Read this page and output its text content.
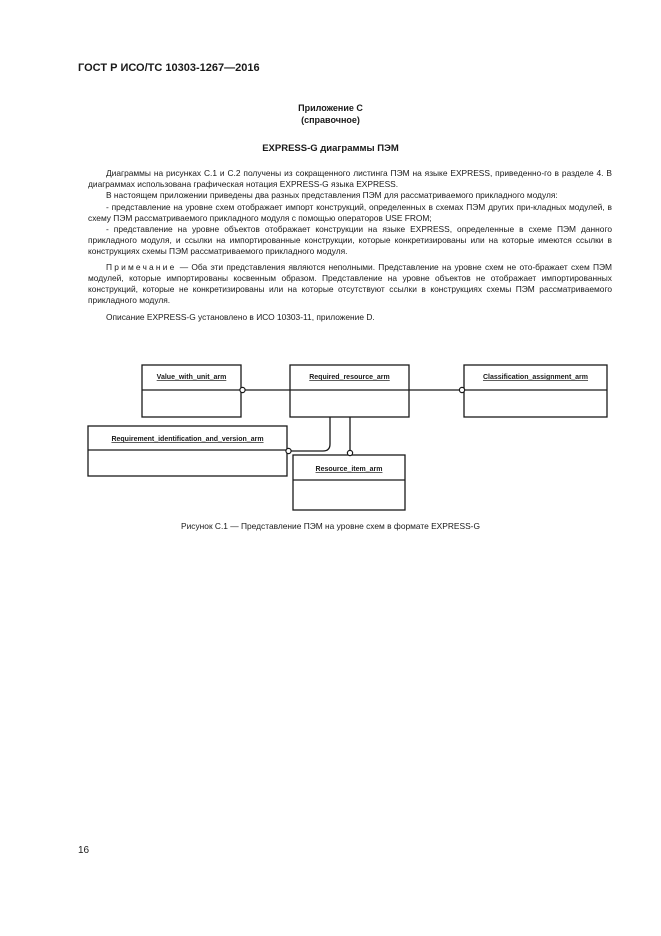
ГОСТ Р ИСО/ТС 10303-1267—2016
Приложение С
(справочное)
EXPRESS-G диаграммы ПЭМ

Диаграммы на рисунках С.1 и С.2 получены из сокращенного листинга ПЭМ на языке EXPRESS, приведенно-го в разделе 4. В диаграммах использована графическая нотация EXPRESS-G языка EXPRESS.

В настоящем приложении приведены два разных представления ПЭМ для рассматриваемого прикладного модуля:

- представление на уровне схем отображает импорт конструкций, определенных в схемах ПЭМ других при-кладных модулей, в схему ПЭМ рассматриваемого прикладного модуля с помощью операторов USE FROM;

- представление на уровне объектов отображает конструкции на языке EXPRESS, определенные в схеме ПЭМ данного прикладного модуля, и ссылки на импортированные конструкции, которые конкретизированы или на которые имеются ссылки в конструкциях схемы ПЭМ рассматриваемого прикладного модуля.

Примечание — Оба эти представления являются неполными. Представление на уровне схем не ото-бражает схем ПЭМ модулей, которые импортированы косвенным образом. Представление на уровне объектов не отображает импортированных конструкций, которые не конкретизированы или на которые отсутствуют ссылки в конструкциях схемы ПЭМ рассматриваемого прикладного модуля.

Описание EXPRESS-G установлено в ИСО 10303-11, приложение D.

Value_with_unit_arm	Required_resource_arm	Classification_assignment_arm
Requirement_identification_and_version_arm
Resource_item_arm
Рисунок С.1 — Представление ПЭМ на уровне схем в формате EXPRESS-G
16
